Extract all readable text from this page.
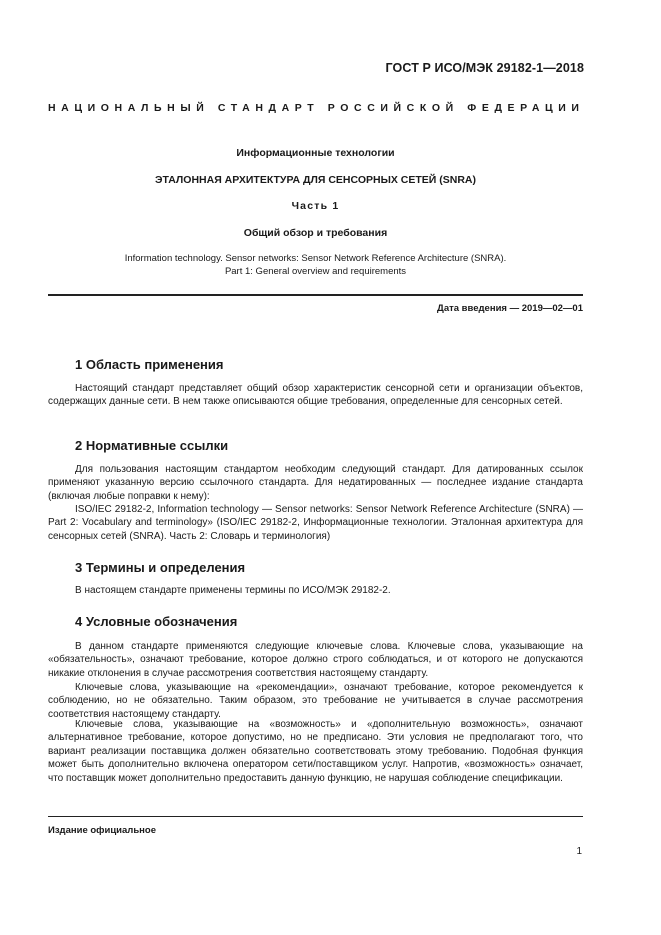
ГОСТ Р ИСО/МЭК 29182-1—2018
НАЦИОНАЛЬНЫЙ СТАНДАРТ РОССИЙСКОЙ ФЕДЕРАЦИИ
Информационные технологии
ЭТАЛОННАЯ АРХИТЕКТУРА ДЛЯ СЕНСОРНЫХ СЕТЕЙ (SNRA)
Часть 1
Общий обзор и требования
Information technology. Sensor networks: Sensor Network Reference Architecture (SNRA).
Part 1: General overview and requirements
Дата введения — 2019—02—01
1 Область применения

Настоящий стандарт представляет общий обзор характеристик сенсорной сети и организации объектов, содержащих данные сети. В нем также описываются общие требования, определенные для сенсорных сетей.

2 Нормативные ссылки

Для пользования настоящим стандартом необходим следующий стандарт. Для датированных ссылок применяют указанную версию ссылочного стандарта. Для недатированных — последнее издание стандарта (включая любые поправки к нему):

ISO/IEC 29182-2, Information technology — Sensor networks: Sensor Network Reference Architecture (SNRA) — Part 2: Vocabulary and terminology» (ISO/IEC 29182-2, Информационные технологии. Эталонная архитектура для сенсорных сетей (SNRA). Часть 2: Словарь и терминология)

3 Термины и определения

В настоящем стандарте применены термины по ИСО/МЭК 29182-2.

4 Условные обозначения

В данном стандарте применяются следующие ключевые слова. Ключевые слова, указывающие на «обязательность», означают требование, которое должно строго соблюдаться, и от которого не допускаются никакие отклонения в случае рассмотрения соответствия настоящему стандарту.

Ключевые слова, указывающие на «рекомендации», означают требование, которое рекомендуется к соблюдению, но не обязательно. Таким образом, это требование не учитывается в случае рассмотрения соответствия настоящему стандарту.

Ключевые слова, указывающие на «возможность» и «дополнительную возможность», означают альтернативное требование, которое допустимо, но не предписано. Эти условия не предполагают того, что вариант реализации поставщика должен обязательно соответствовать этому требованию. Подобная функция может быть дополнительно включена оператором сети/поставщиком услуг. Напротив, «возможность» означает, что поставщик может дополнительно предоставить данную функцию, не нарушая соблюдение спецификации.

Издание официальное
1
